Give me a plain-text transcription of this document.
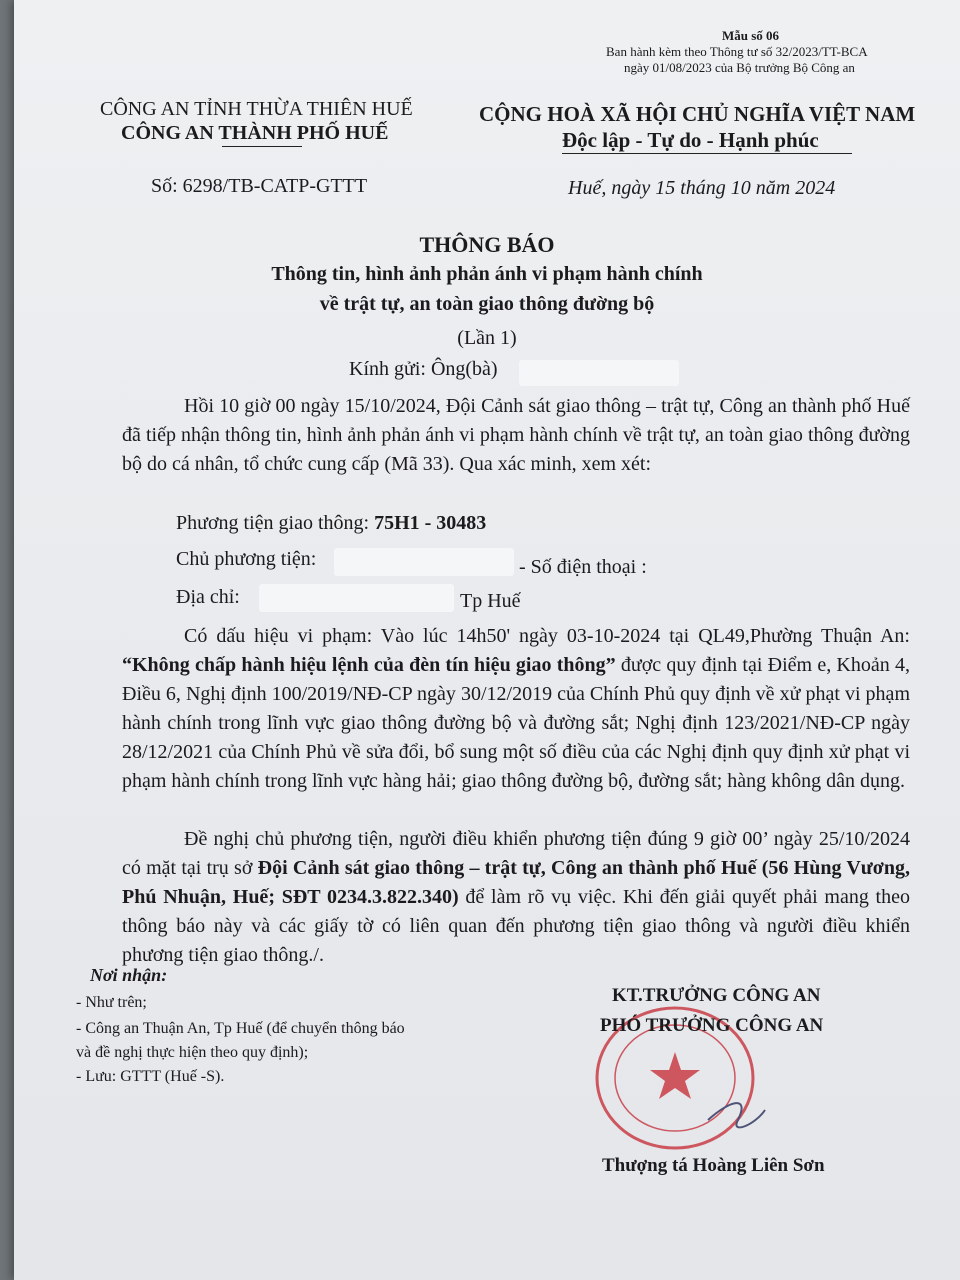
Mẫu số 06
Ban hành kèm theo Thông tư số 32/2023/TT-BCA
ngày 01/08/2023 của Bộ trưởng Bộ Công an
CÔNG AN TỈNH THỪA THIÊN HUẾ
CÔNG AN THÀNH PHỐ HUẾ
CỘNG HOÀ XÃ HỘI CHỦ NGHĨA VIỆT NAM
Độc lập - Tự do - Hạnh phúc
Số: 6298/TB-CATP-GTTT	Huế, ngày 15 tháng 10 năm 2024
THÔNG BÁO
Thông tin, hình ảnh phản ánh vi phạm hành chính
về trật tự, an toàn giao thông đường bộ
(Lần 1)
Kính gửi: Ông(bà)
Hồi 10 giờ 00 ngày 15/10/2024, Đội Cảnh sát giao thông – trật tự, Công an thành phố Huế đã tiếp nhận thông tin, hình ảnh phản ánh vi phạm hành chính về trật tự, an toàn giao thông đường bộ do cá nhân, tổ chức cung cấp (Mã 33). Qua xác minh, xem xét:
Phương tiện giao thông: 75H1 - 30483
Chủ phương tiện:	- Số điện thoại :
Địa chỉ:	Tp Huế
Có dấu hiệu vi phạm: Vào lúc 14h50' ngày 03-10-2024 tại QL49,Phường Thuận An: “Không chấp hành hiệu lệnh của đèn tín hiệu giao thông” được quy định tại Điểm e, Khoản 4, Điều 6, Nghị định 100/2019/NĐ-CP ngày 30/12/2019 của Chính Phủ quy định về xử phạt vi phạm hành chính trong lĩnh vực giao thông đường bộ và đường sắt; Nghị định 123/2021/NĐ-CP ngày 28/12/2021 của Chính Phủ về sửa đổi, bổ sung một số điều của các Nghị định quy định xử phạt vi phạm hành chính trong lĩnh vực hàng hải; giao thông đường bộ, đường sắt; hàng không dân dụng.
Đề nghị chủ phương tiện, người điều khiển phương tiện đúng 9 giờ 00’ ngày 25/10/2024 có mặt tại trụ sở Đội Cảnh sát giao thông – trật tự, Công an thành phố Huế (56 Hùng Vương, Phú Nhuận, Huế; SĐT 0234.3.822.340) để làm rõ vụ việc. Khi đến giải quyết phải mang theo thông báo này và các giấy tờ có liên quan đến phương tiện giao thông và người điều khiển phương tiện giao thông./.
Nơi nhận:
- Như trên;
- Công an Thuận An, Tp Huế (để chuyển thông báo
và đề nghị thực hiện theo quy định);
- Lưu: GTTT (Huế -S).
KT.TRƯỞNG CÔNG AN
PHÓ TRƯỞNG CÔNG AN
Thượng tá Hoàng Liên Sơn
